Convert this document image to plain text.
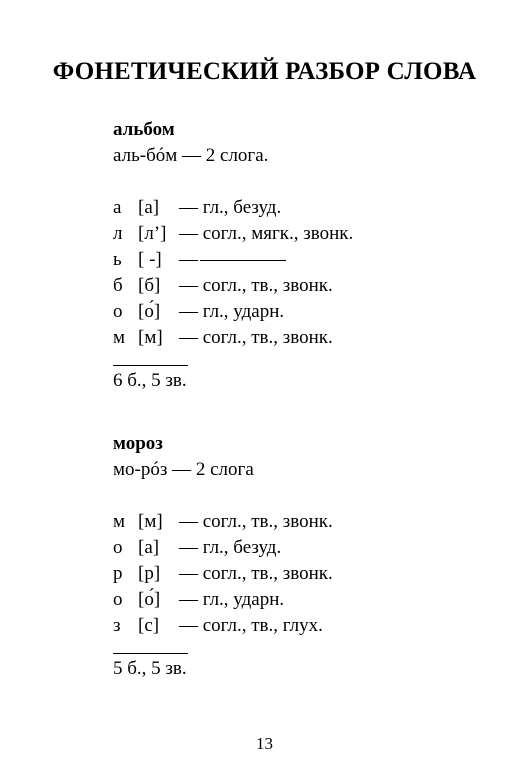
ФОНЕТИЧЕСКИЙ РАЗБОР СЛОВА
альбом
аль-бóм — 2 слога.
а [а] — гл., безуд.
л [л’] — согл., мягк., звонк.
ь [ -] —
б [б] — согл., тв., звонк.
о [о́] — гл., ударн.
м [м] — согл., тв., звонк.
6 б., 5 зв.
мороз
мо-рóз — 2 слога
м [м] — согл., тв., звонк.
о [а] — гл., безуд.
р [р] — согл., тв., звонк.
о [о́] — гл., ударн.
з [с] — согл., тв., глух.
5 б., 5 зв.
13
